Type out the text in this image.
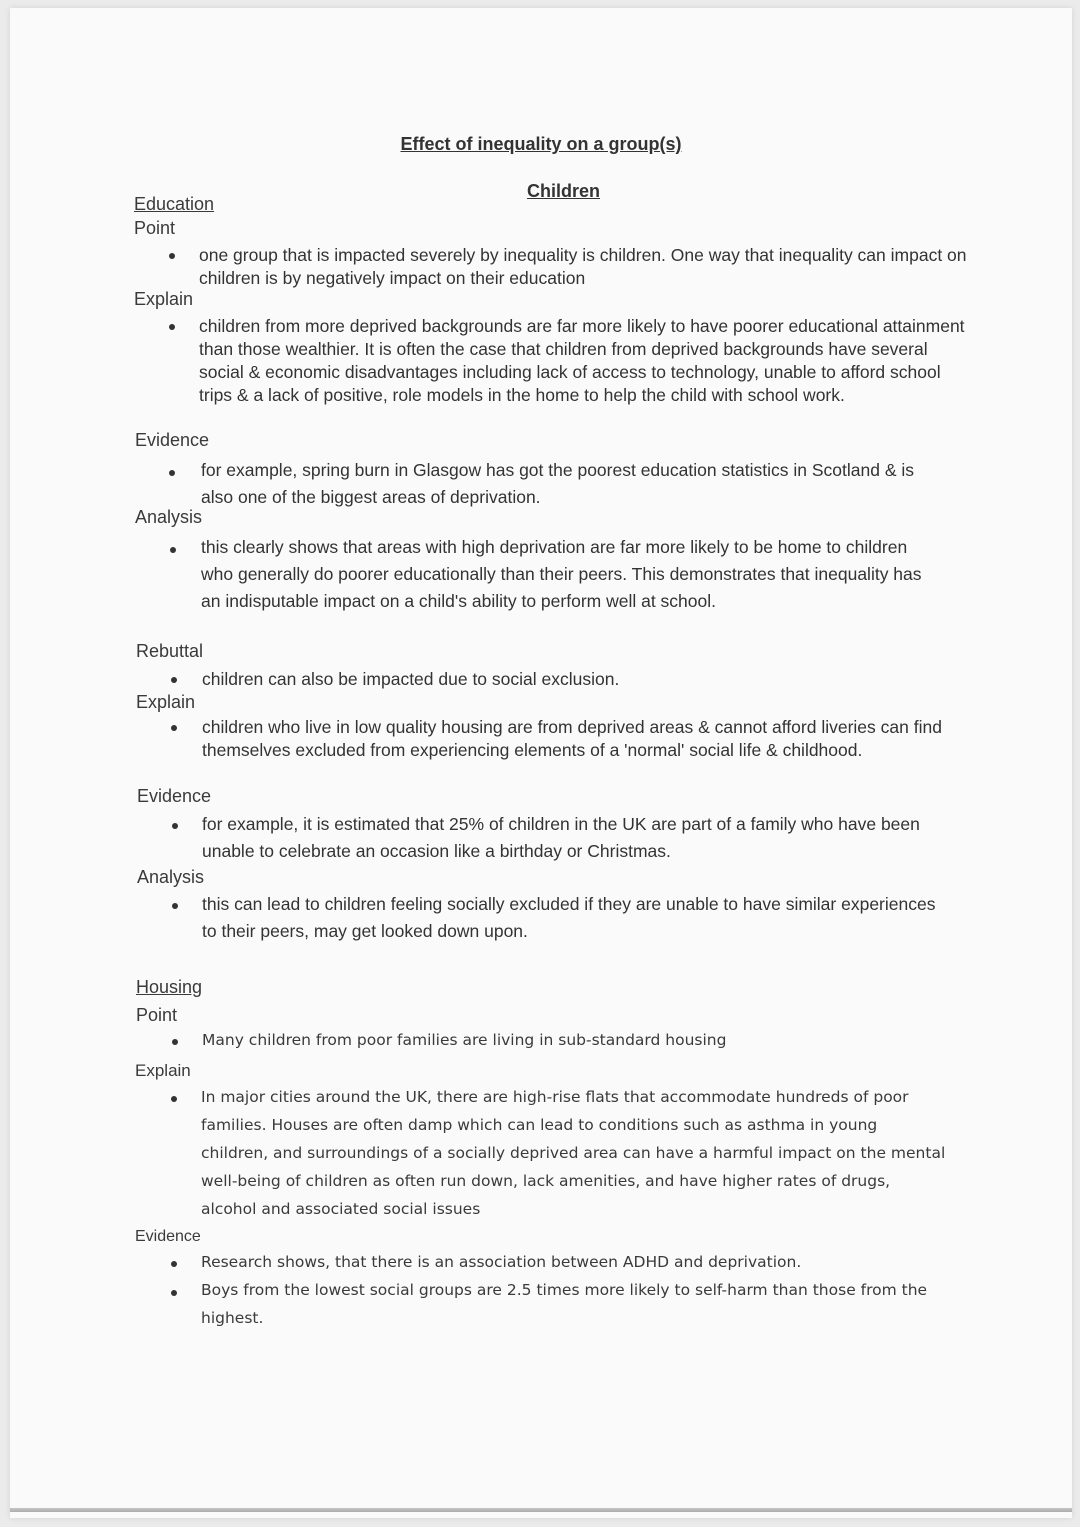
Effect of inequality on a group(s)
Children
Education
Point

one group that is impacted severely by inequality is children. One way that inequality can impact on children is by negatively impact on their education

Explain

children from more deprived backgrounds are far more likely to have poorer educational attainment than those wealthier. It is often the case that children from deprived backgrounds have several social & economic disadvantages including lack of access to technology, unable to afford school trips & a lack of positive, role models in the home to help the child with school work.

Evidence

for example, spring burn in Glasgow has got the poorest education statistics in Scotland & is also one of the biggest areas of deprivation.

Analysis

this clearly shows that areas with high deprivation are far more likely to be home to children who generally do poorer educationally than their peers. This demonstrates that inequality has an indisputable impact on a child's ability to perform well at school.

Rebuttal

children can also be impacted due to social exclusion.

Explain

children who live in low quality housing are from deprived areas & cannot afford liveries can find themselves excluded from experiencing elements of a 'normal' social life & childhood.

Evidence

for example, it is estimated that 25% of children in the UK are part of a family who have been unable to celebrate an occasion like a birthday or Christmas.

Analysis

this can lead to children feeling socially excluded if they are unable to have similar experiences to their peers, may get looked down upon.

Housing
Point

Many children from poor families are living in sub-standard housing

Explain

In major cities around the UK, there are high-rise flats that accommodate hundreds of poor families. Houses are often damp which can lead to conditions such as asthma in young children, and surroundings of a socially deprived area can have a harmful impact on the mental well-being of children as often run down, lack amenities, and have higher rates of drugs, alcohol and associated social issues

Evidence

Research shows, that there is an association between ADHD and deprivation.

Boys from the lowest social groups are 2.5 times more likely to self-harm than those from the highest.
